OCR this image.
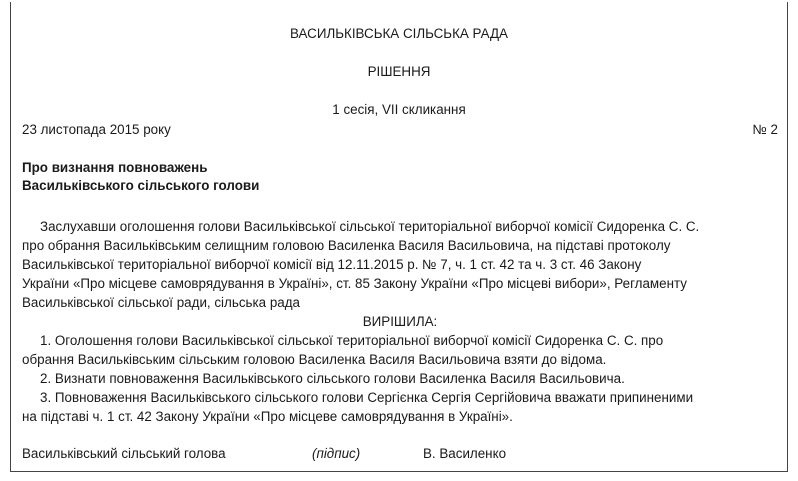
ВАСИЛЬКІВСЬКА СІЛЬСЬКА РАДА
РІШЕННЯ
1 сесія, VII скликання
23 листопада 2015 року	№ 2
Про визнання повноважень
Васильківського сільського голови
Заслухавши оголошення голови Васильківської сільської територіальної виборчої комісії Сидоренка С. С.
про обрання Васильківським селищним головою Василенка Василя Васильовича, на підставі протоколу
Васильківської територіальної виборчої комісії від 12.11.2015 р. № 7, ч. 1 ст. 42 та ч. 3 ст. 46 Закону
України «Про місцеве самоврядування в Україні», ст. 85 Закону України «Про місцеві вибори», Регламенту
Васильківської сільської ради, сільська рада
ВИРІШИЛА:
1. Оголошення голови Васильківської сільської територіальної виборчої комісії Сидоренка С. С. про
обрання Васильківським сільським головою Василенка Василя Васильовича взяти до відома.
2. Визнати повноваження Васильківського сільського голови Василенка Василя Васильовича.
3. Повноваження Васильківського сільського голови Сергієнка Сергія Сергійовича вважати припиненими
на підставі ч. 1 ст. 42 Закону України «Про місцеве самоврядування в Україні».
Васильківський сільський голова	(підпис)	В. Василенко
